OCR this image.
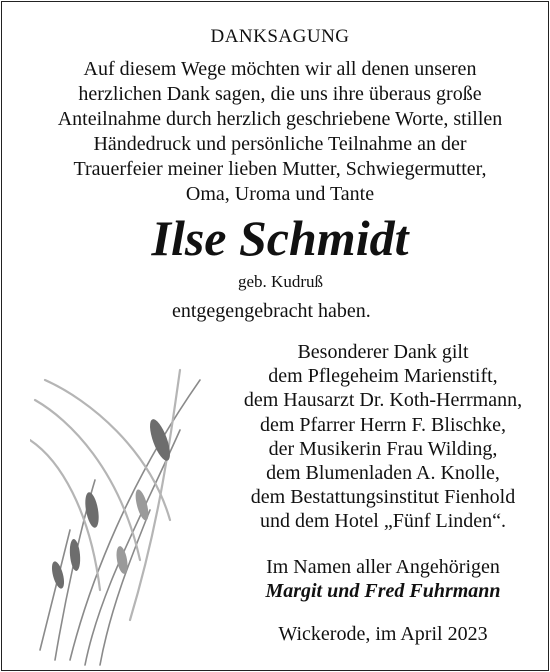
DANKSAGUNG
Auf diesem Wege möchten wir all denen unseren
herzlichen Dank sagen, die uns ihre überaus große
Anteilnahme durch herzlich geschriebene Worte, stillen
Händedruck und persönliche Teilnahme an der
Trauerfeier meiner lieben Mutter, Schwiegermutter,
Oma, Uroma und Tante
Ilse Schmidt
geb. Kudruß
entgegengebracht haben.
Besonderer Dank gilt
dem Pflegeheim Marienstift,
dem Hausarzt Dr. Koth-Herrmann,
dem Pfarrer Herrn F. Blischke,
der Musikerin Frau Wilding,
dem Blumenladen A. Knolle,
dem Bestattungsinstitut Fienhold
und dem Hotel „Fünf Linden“.
Im Namen aller Angehörigen
Margit und Fred Fuhrmann
Wickerode, im April 2023
